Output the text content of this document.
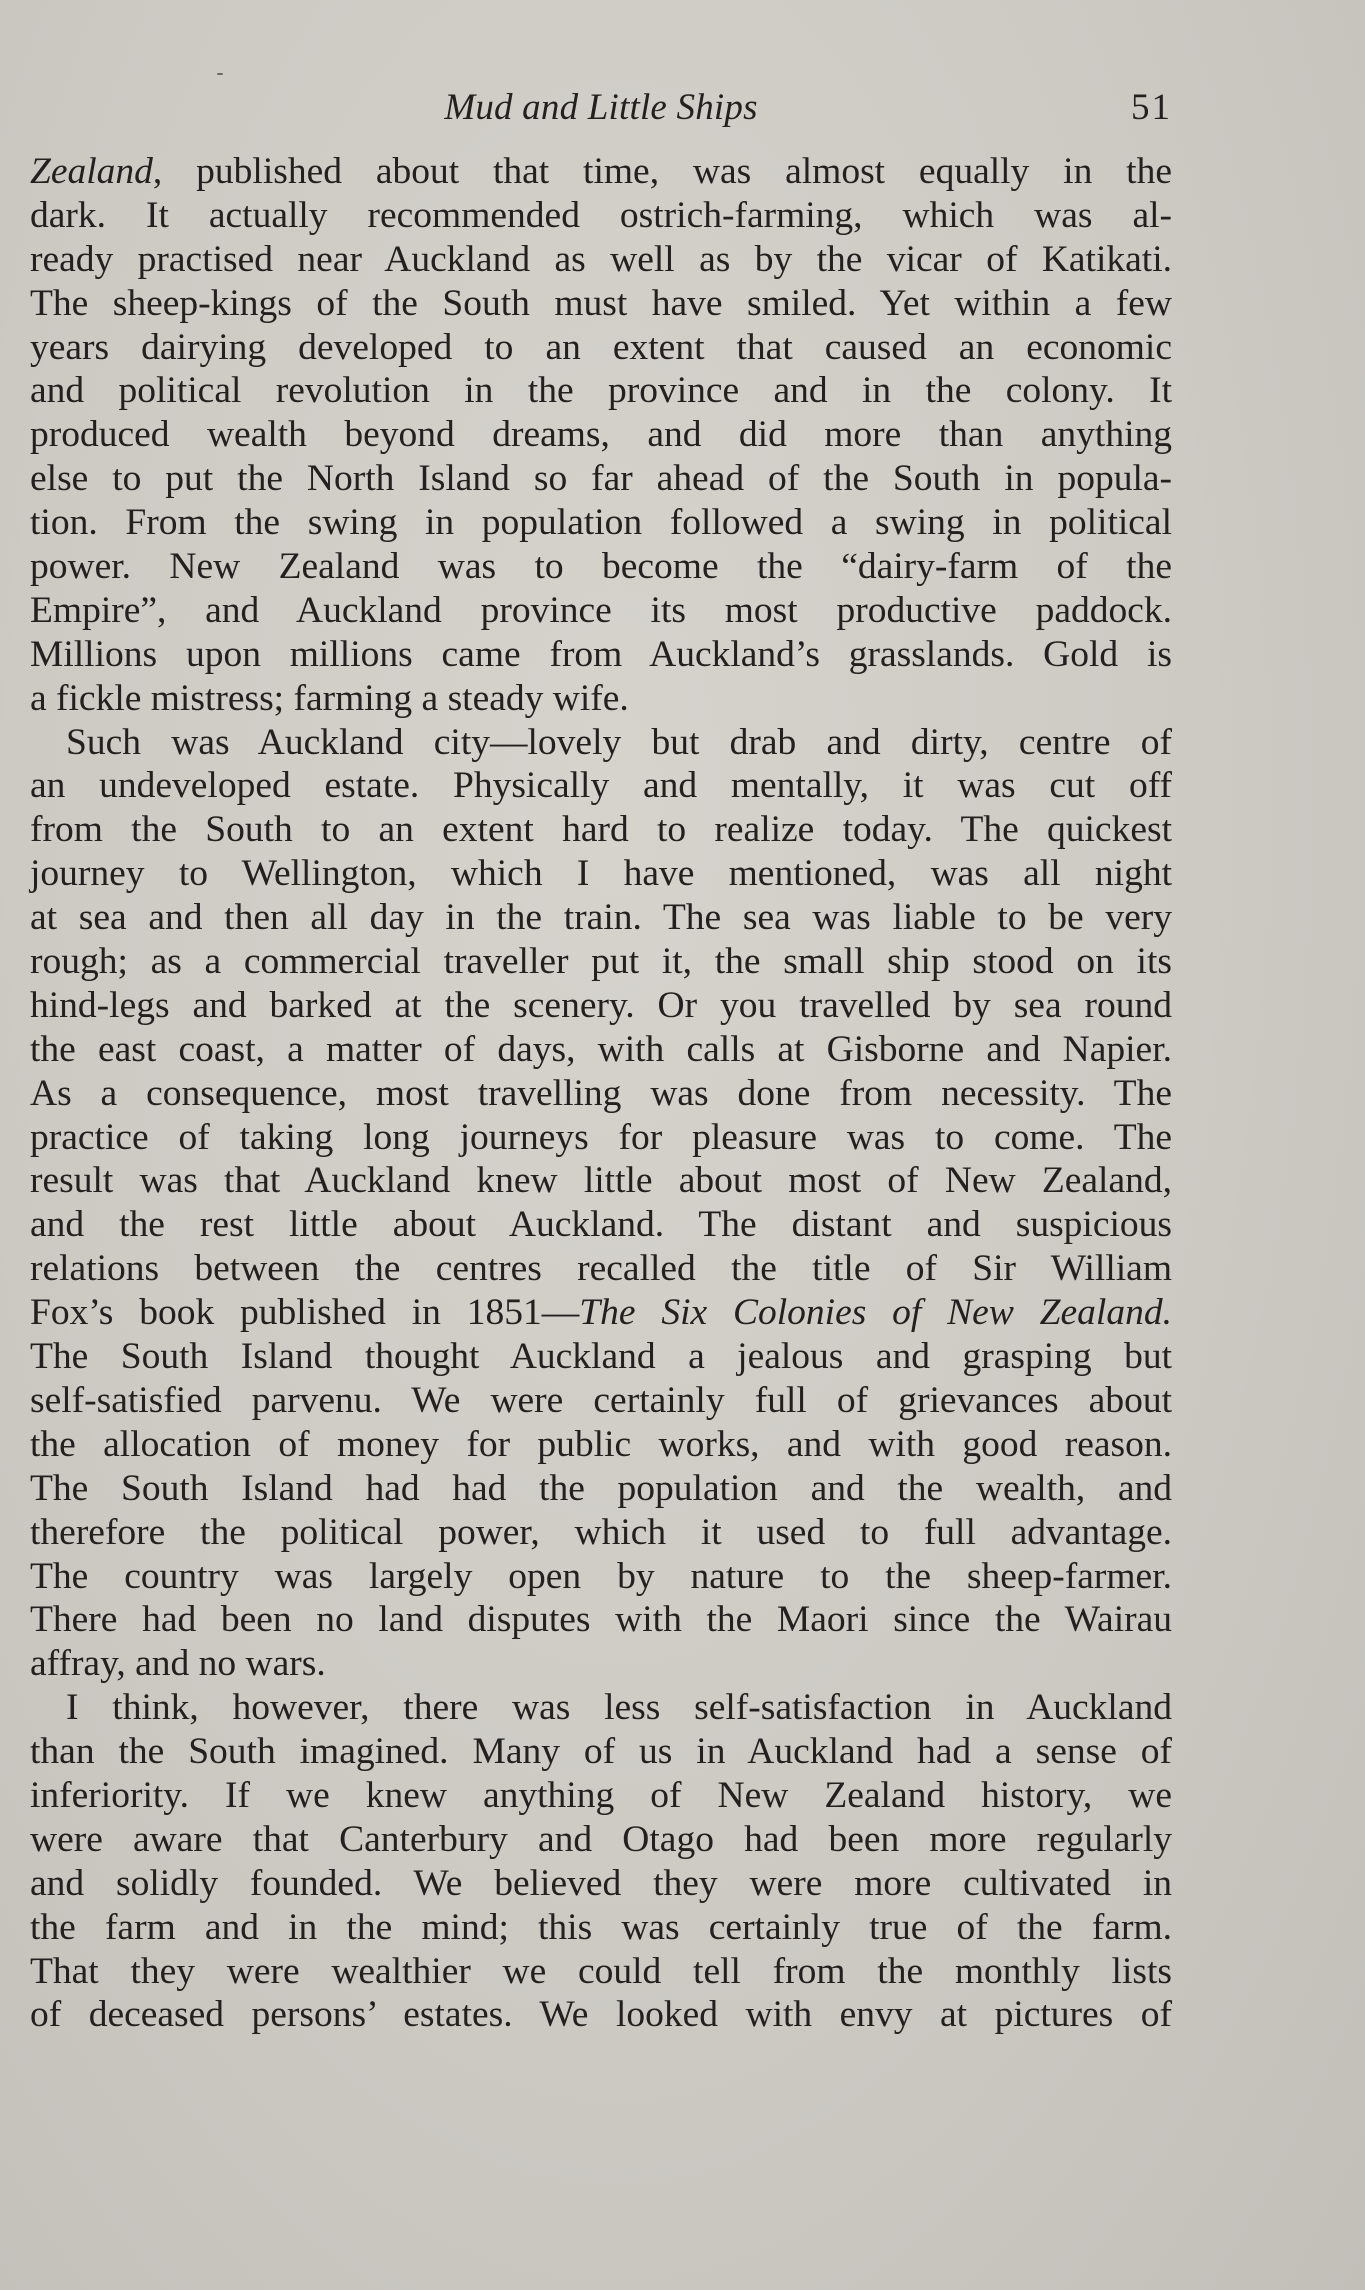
Mud and Little Ships	51
Zealand, published about that time, was almost equally in the
dark. It actually recommended ostrich-farming, which was al-
ready practised near Auckland as well as by the vicar of Katikati.
The sheep-kings of the South must have smiled. Yet within a few
years dairying developed to an extent that caused an economic
and political revolution in the province and in the colony. It
produced wealth beyond dreams, and did more than anything
else to put the North Island so far ahead of the South in popula-
tion. From the swing in population followed a swing in political
power. New Zealand was to become the “dairy-farm of the
Empire”, and Auckland province its most productive paddock.
Millions upon millions came from Auckland’s grasslands. Gold is
a fickle mistress; farming a steady wife.
Such was Auckland city—lovely but drab and dirty, centre of
an undeveloped estate. Physically and mentally, it was cut off
from the South to an extent hard to realize today. The quickest
journey to Wellington, which I have mentioned, was all night
at sea and then all day in the train. The sea was liable to be very
rough; as a commercial traveller put it, the small ship stood on its
hind-legs and barked at the scenery. Or you travelled by sea round
the east coast, a matter of days, with calls at Gisborne and Napier.
As a consequence, most travelling was done from necessity. The
practice of taking long journeys for pleasure was to come. The
result was that Auckland knew little about most of New Zealand,
and the rest little about Auckland. The distant and suspicious
relations between the centres recalled the title of Sir William
Fox’s book published in 1851—The Six Colonies of New Zealand.
The South Island thought Auckland a jealous and grasping but
self-satisfied parvenu. We were certainly full of grievances about
the allocation of money for public works, and with good reason.
The South Island had had the population and the wealth, and
therefore the political power, which it used to full advantage.
The country was largely open by nature to the sheep-farmer.
There had been no land disputes with the Maori since the Wairau
affray, and no wars.
I think, however, there was less self-satisfaction in Auckland
than the South imagined. Many of us in Auckland had a sense of
inferiority. If we knew anything of New Zealand history, we
were aware that Canterbury and Otago had been more regularly
and solidly founded. We believed they were more cultivated in
the farm and in the mind; this was certainly true of the farm.
That they were wealthier we could tell from the monthly lists
of deceased persons’ estates. We looked with envy at pictures of
